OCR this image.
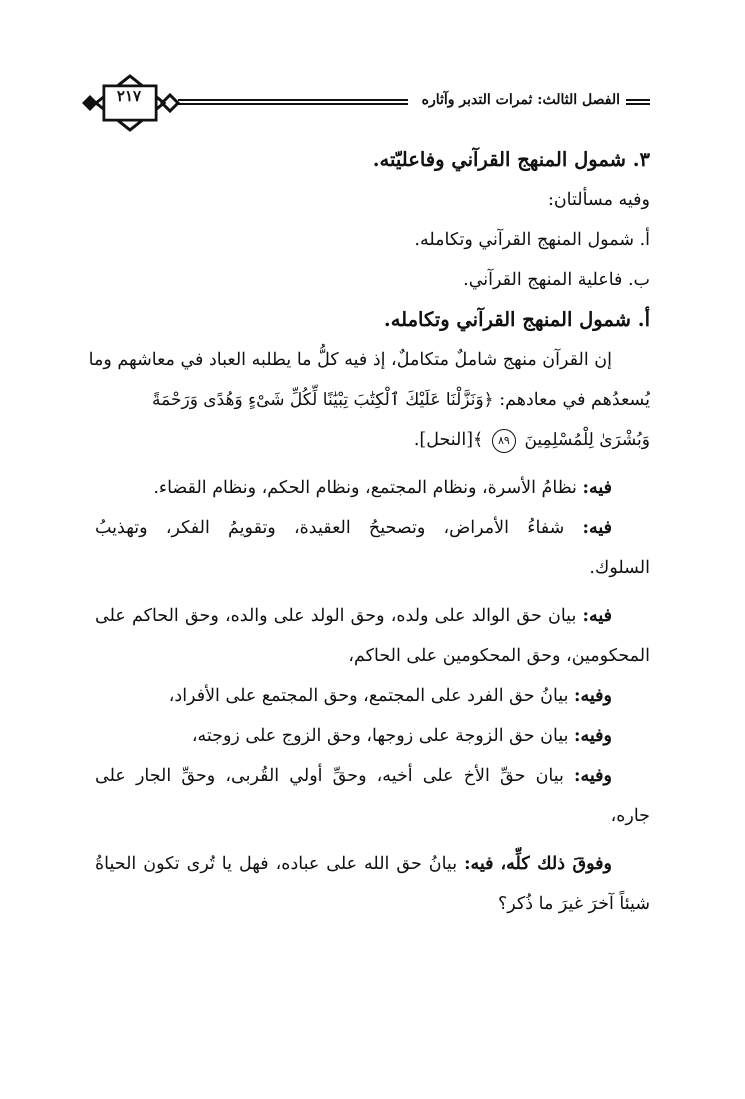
٢١٧	الفصل الثالث: ثمرات التدبر وآثاره
٣. شمول المنهج القرآني وفاعليّته.
وفيه مسألتان:
أ. شمول المنهج القرآني وتكامله.
ب. فاعلية المنهج القرآني.
أ. شمول المنهج القرآني وتكامله.
إن القرآن منهج شاملٌ متكاملٌ، إذ فيه كلُّ ما يطلبه العباد في معاشهم وما
يُسعدُهم في معادهم: ﴿وَنَزَّلْنَا عَلَيْكَ ٱلْكِتَٰبَ تِبْيَٰنًا لِّكُلِّ شَىْءٍ وَهُدًى وَرَحْمَةً
وَبُشْرَىٰ لِلْمُسْلِمِينَ ٨٩ ﴾[النحل].
فيه: نظامُ الأسرة، ونظام المجتمع، ونظام الحكم، ونظام القضاء.
فيه: شفاءُ الأمراض، وتصحيحُ العقيدة، وتقويمُ الفكر، وتهذيبُ
السلوك.
فيه: بيان حق الوالد على ولده، وحق الولد على والده، وحق الحاكم على
المحكومين، وحق المحكومين على الحاكم،
وفيه: بيانُ حق الفرد على المجتمع، وحق المجتمع على الأفراد،
وفيه: بيان حق الزوجة على زوجها، وحق الزوج على زوجته،
وفيه: بيان حقِّ الأخ على أخيه، وحقِّ أولي القُربى، وحقِّ الجار على
جاره،
وفوقَ ذلك كلِّه، فيه: بيانُ حق الله على عباده، فهل يا تُرى تكون الحياةُ
شيئاً آخرَ غيرَ ما ذُكر؟
